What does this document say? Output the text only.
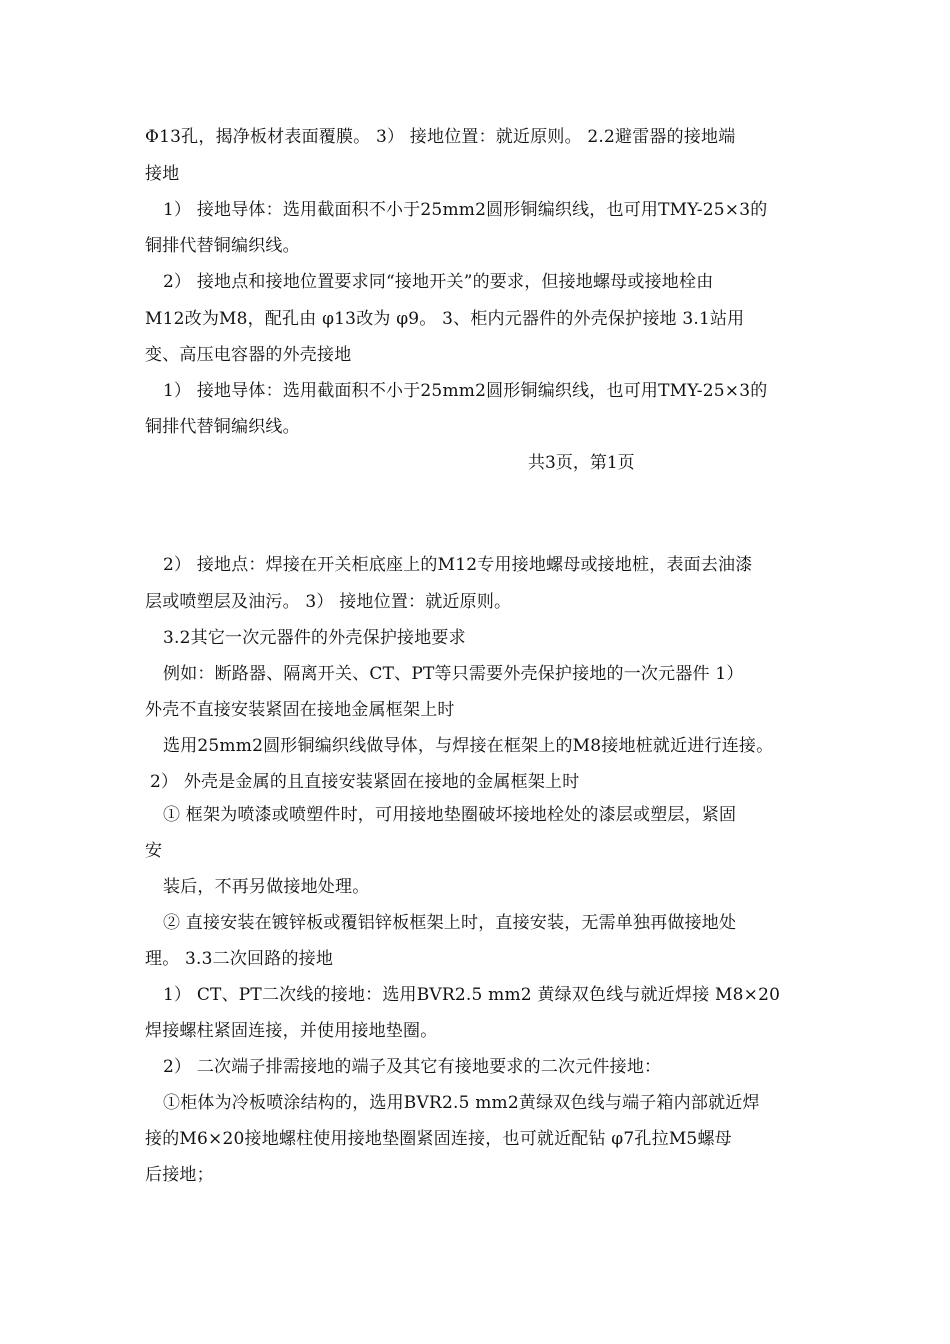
Φ13孔，揭净板材表面覆膜。 3） 接地位置：就近原则。 2.2避雷器的接地端
接地
1） 接地导体：选用截面积不小于25mm2圆形铜编织线，也可用TMY-25×3的
铜排代替铜编织线。
2） 接地点和接地位置要求同“接地开关”的要求，但接地螺母或接地栓由
M12改为M8，配孔由 φ13改为 φ9。 3、柜内元器件的外壳保护接地 3.1站用
变、高压电容器的外壳接地
1） 接地导体：选用截面积不小于25mm2圆形铜编织线，也可用TMY-25×3的
铜排代替铜编织线。
共3页，第1页
2） 接地点：焊接在开关柜底座上的M12专用接地螺母或接地桩，表面去油漆
层或喷塑层及油污。 3） 接地位置：就近原则。
3.2其它一次元器件的外壳保护接地要求
例如：断路器、隔离开关、CT、PT等只需要外壳保护接地的一次元器件 1）
外壳不直接安装紧固在接地金属框架上时
选用25mm2圆形铜编织线做导体，与焊接在框架上的M8接地桩就近进行连接。
2） 外壳是金属的且直接安装紧固在接地的金属框架上时
① 框架为喷漆或喷塑件时，可用接地垫圈破坏接地栓处的漆层或塑层，紧固
安
装后，不再另做接地处理。
② 直接安装在镀锌板或覆铝锌板框架上时，直接安装，无需单独再做接地处
理。 3.3二次回路的接地
1） CT、PT二次线的接地：选用BVR2.5 mm2 黄绿双色线与就近焊接 M8×20
焊接螺柱紧固连接，并使用接地垫圈。
2） 二次端子排需接地的端子及其它有接地要求的二次元件接地：
①柜体为冷板喷涂结构的，选用BVR2.5 mm2黄绿双色线与端子箱内部就近焊
接的M6×20接地螺柱使用接地垫圈紧固连接，也可就近配钻 φ7孔拉M5螺母
后接地；
